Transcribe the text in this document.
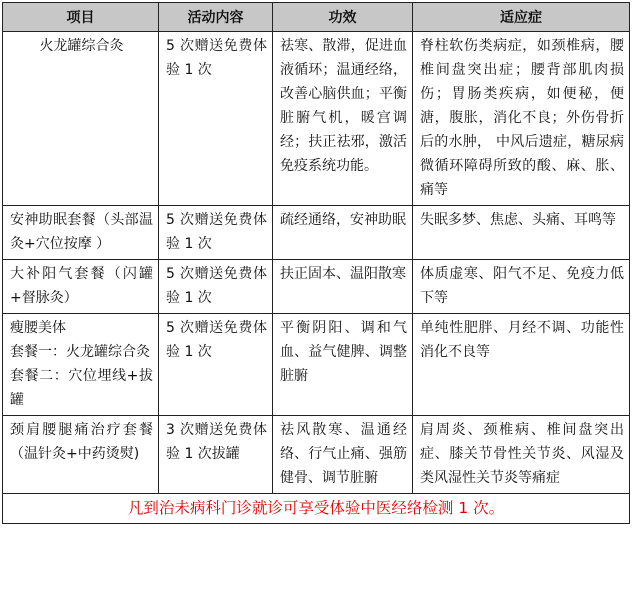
项目	活动内容	功效	适应症
火龙罐综合灸	5 次赠送免费体验 1 次	祛寒、散滞，促进血液循环；温通经络，改善心脑供血；平衡脏腑气机，暖宫调经；扶正祛邪，激活免疫系统功能。	脊柱软伤类病症，如颈椎病，腰椎间盘突出症；腰背部肌肉损伤；胃肠类疾病，如便秘，便溏，腹胀，消化不良；外伤骨折后的水肿， 中风后遗症，糖尿病微循环障碍所致的酸、麻、胀、痛等
安神助眠套餐（头部温灸+穴位按摩 ）	5 次赠送免费体验 1 次	疏经通络，安神助眠	失眠多梦、焦虑、头痛、耳鸣等
大补阳气套餐（闪罐+督脉灸）	5 次赠送免费体验 1 次	扶正固本、温阳散寒	体质虚寒、阳气不足、免疫力低下等

瘦腰美体
套餐一：火龙罐综合灸
套餐二：穴位埋线+拔罐	5 次赠送免费体验 1 次	平衡阴阳、调和气血、益气健脾、调整脏腑	单纯性肥胖、月经不调、功能性消化不良等
颈肩腰腿痛治疗套餐（温针灸+中药烫熨)	3 次赠送免费体验 1 次拔罐	祛风散寒、温通经络、行气止痛、强筋健骨、调节脏腑	肩周炎、颈椎病、椎间盘突出症、膝关节骨性关节炎、风湿及类风湿性关节炎等痛症
凡到治未病科门诊就诊可享受体验中医经络检测 1 次。			
